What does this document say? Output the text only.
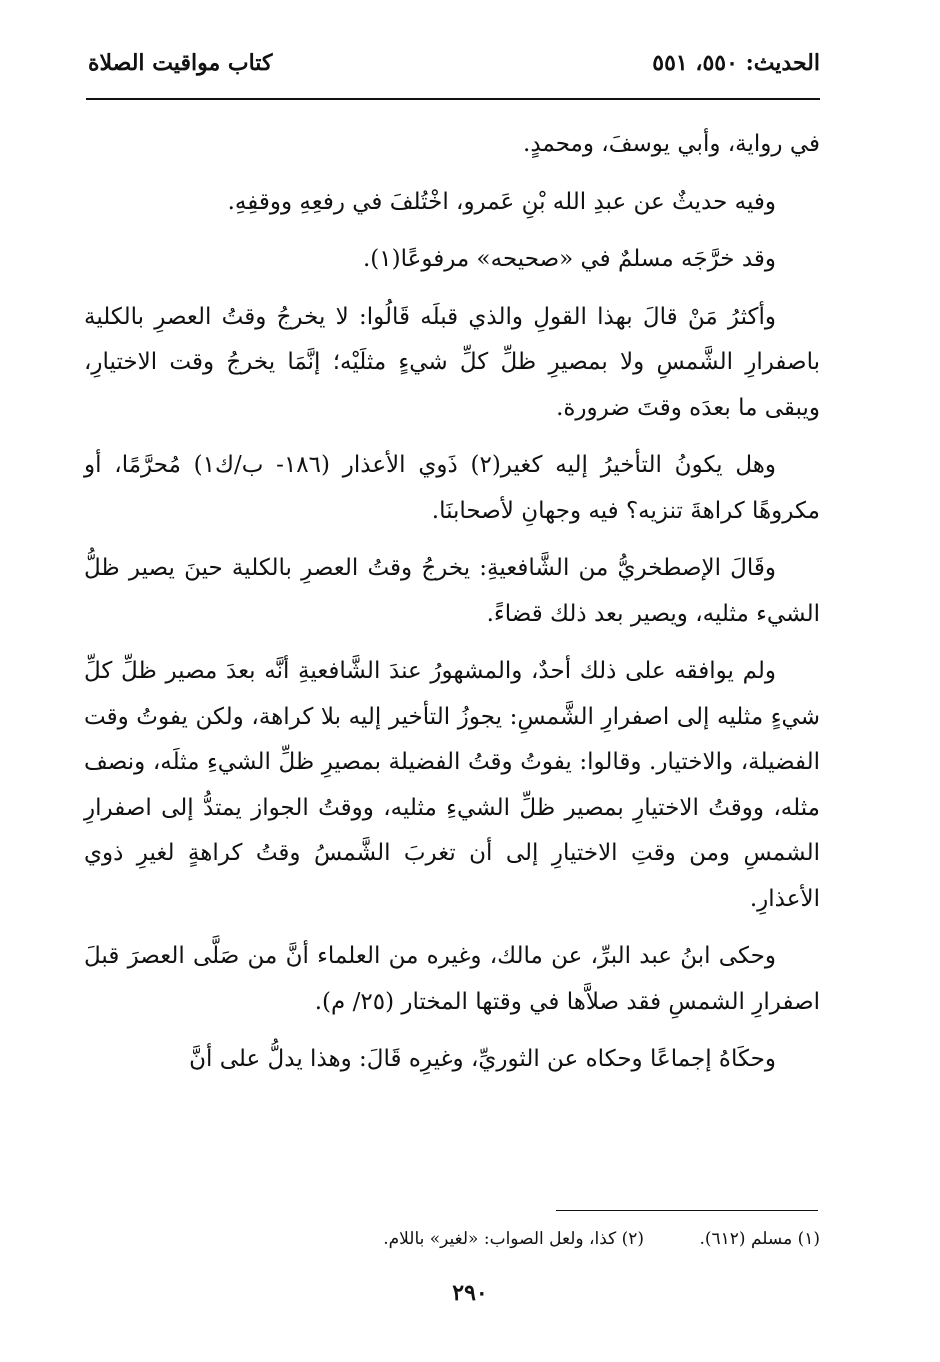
الحديث: ٥٥٠، ٥٥١
كتاب مواقيت الصلاة

في رواية، وأبي يوسفَ، ومحمدٍ.

وفيه حديثٌ عن عبدِ الله بْنِ عَمرو، اخْتُلفَ في رفعِهِ ووقفِهِ.

وقد خرَّجَه مسلمٌ في «صحيحه» مرفوعًا(١).

وأكثرُ مَنْ قالَ بهذا القولِ والذي قبلَه قَالُوا: لا يخرجُ وقتُ العصرِ بالكلية باصفرارِ الشَّمسِ ولا بمصيرِ ظلِّ كلِّ شيءٍ مثلَيْه؛ إنَّمَا يخرجُ وقت الاختيارِ، ويبقى ما بعدَه وقتَ ضرورة.

وهل يكونُ التأخيرُ إليه كغير(٢) ذَوي الأعذار (١٨٦- ب/ك١) مُحرَّمًا، أو مكروهًا كراهةَ تنزيه؟ فيه وجهانِ لأصحابنَا.

وقَالَ الإصطخريُّ من الشَّافعيةِ: يخرجُ وقتُ العصرِ بالكلية حينَ يصير ظلُّ الشيء مثليه، ويصير بعد ذلك قضاءً.

ولم يوافقه على ذلك أحدٌ، والمشهورُ عندَ الشَّافعيةِ أنَّه بعدَ مصير ظلِّ كلِّ شيءٍ مثليه إلى اصفرارِ الشَّمسِ: يجوزُ التأخير إليه بلا كراهة، ولكن يفوتُ وقت الفضيلة، والاختيار. وقالوا: يفوتُ وقتُ الفضيلة بمصيرِ ظلِّ الشيءِ مثلَه، ونصف مثله، ووقتُ الاختيارِ بمصير ظلِّ الشيءِ مثليه، ووقتُ الجواز يمتدُّ إلى اصفرارِ الشمسِ ومن وقتِ الاختيارِ إلى أن تغربَ الشَّمسُ وقتُ كراهةٍ لغيرِ ذوي الأعذارِ.

وحكى ابنُ عبد البرِّ، عن مالك، وغيره من العلماء أنَّ من صَلَّى العصرَ قبلَ اصفرارِ الشمسِ فقد صلاَّها في وقتها المختار (٢٥/ م).

وحكَاهُ إجماعًا وحكاه عن الثوريِّ، وغيرِه قَالَ: وهذا يدلُّ على أنَّ

(١) مسلم (٦١٢). (٢) كذا، ولعل الصواب: «لغير» باللام.
٢٩٠
